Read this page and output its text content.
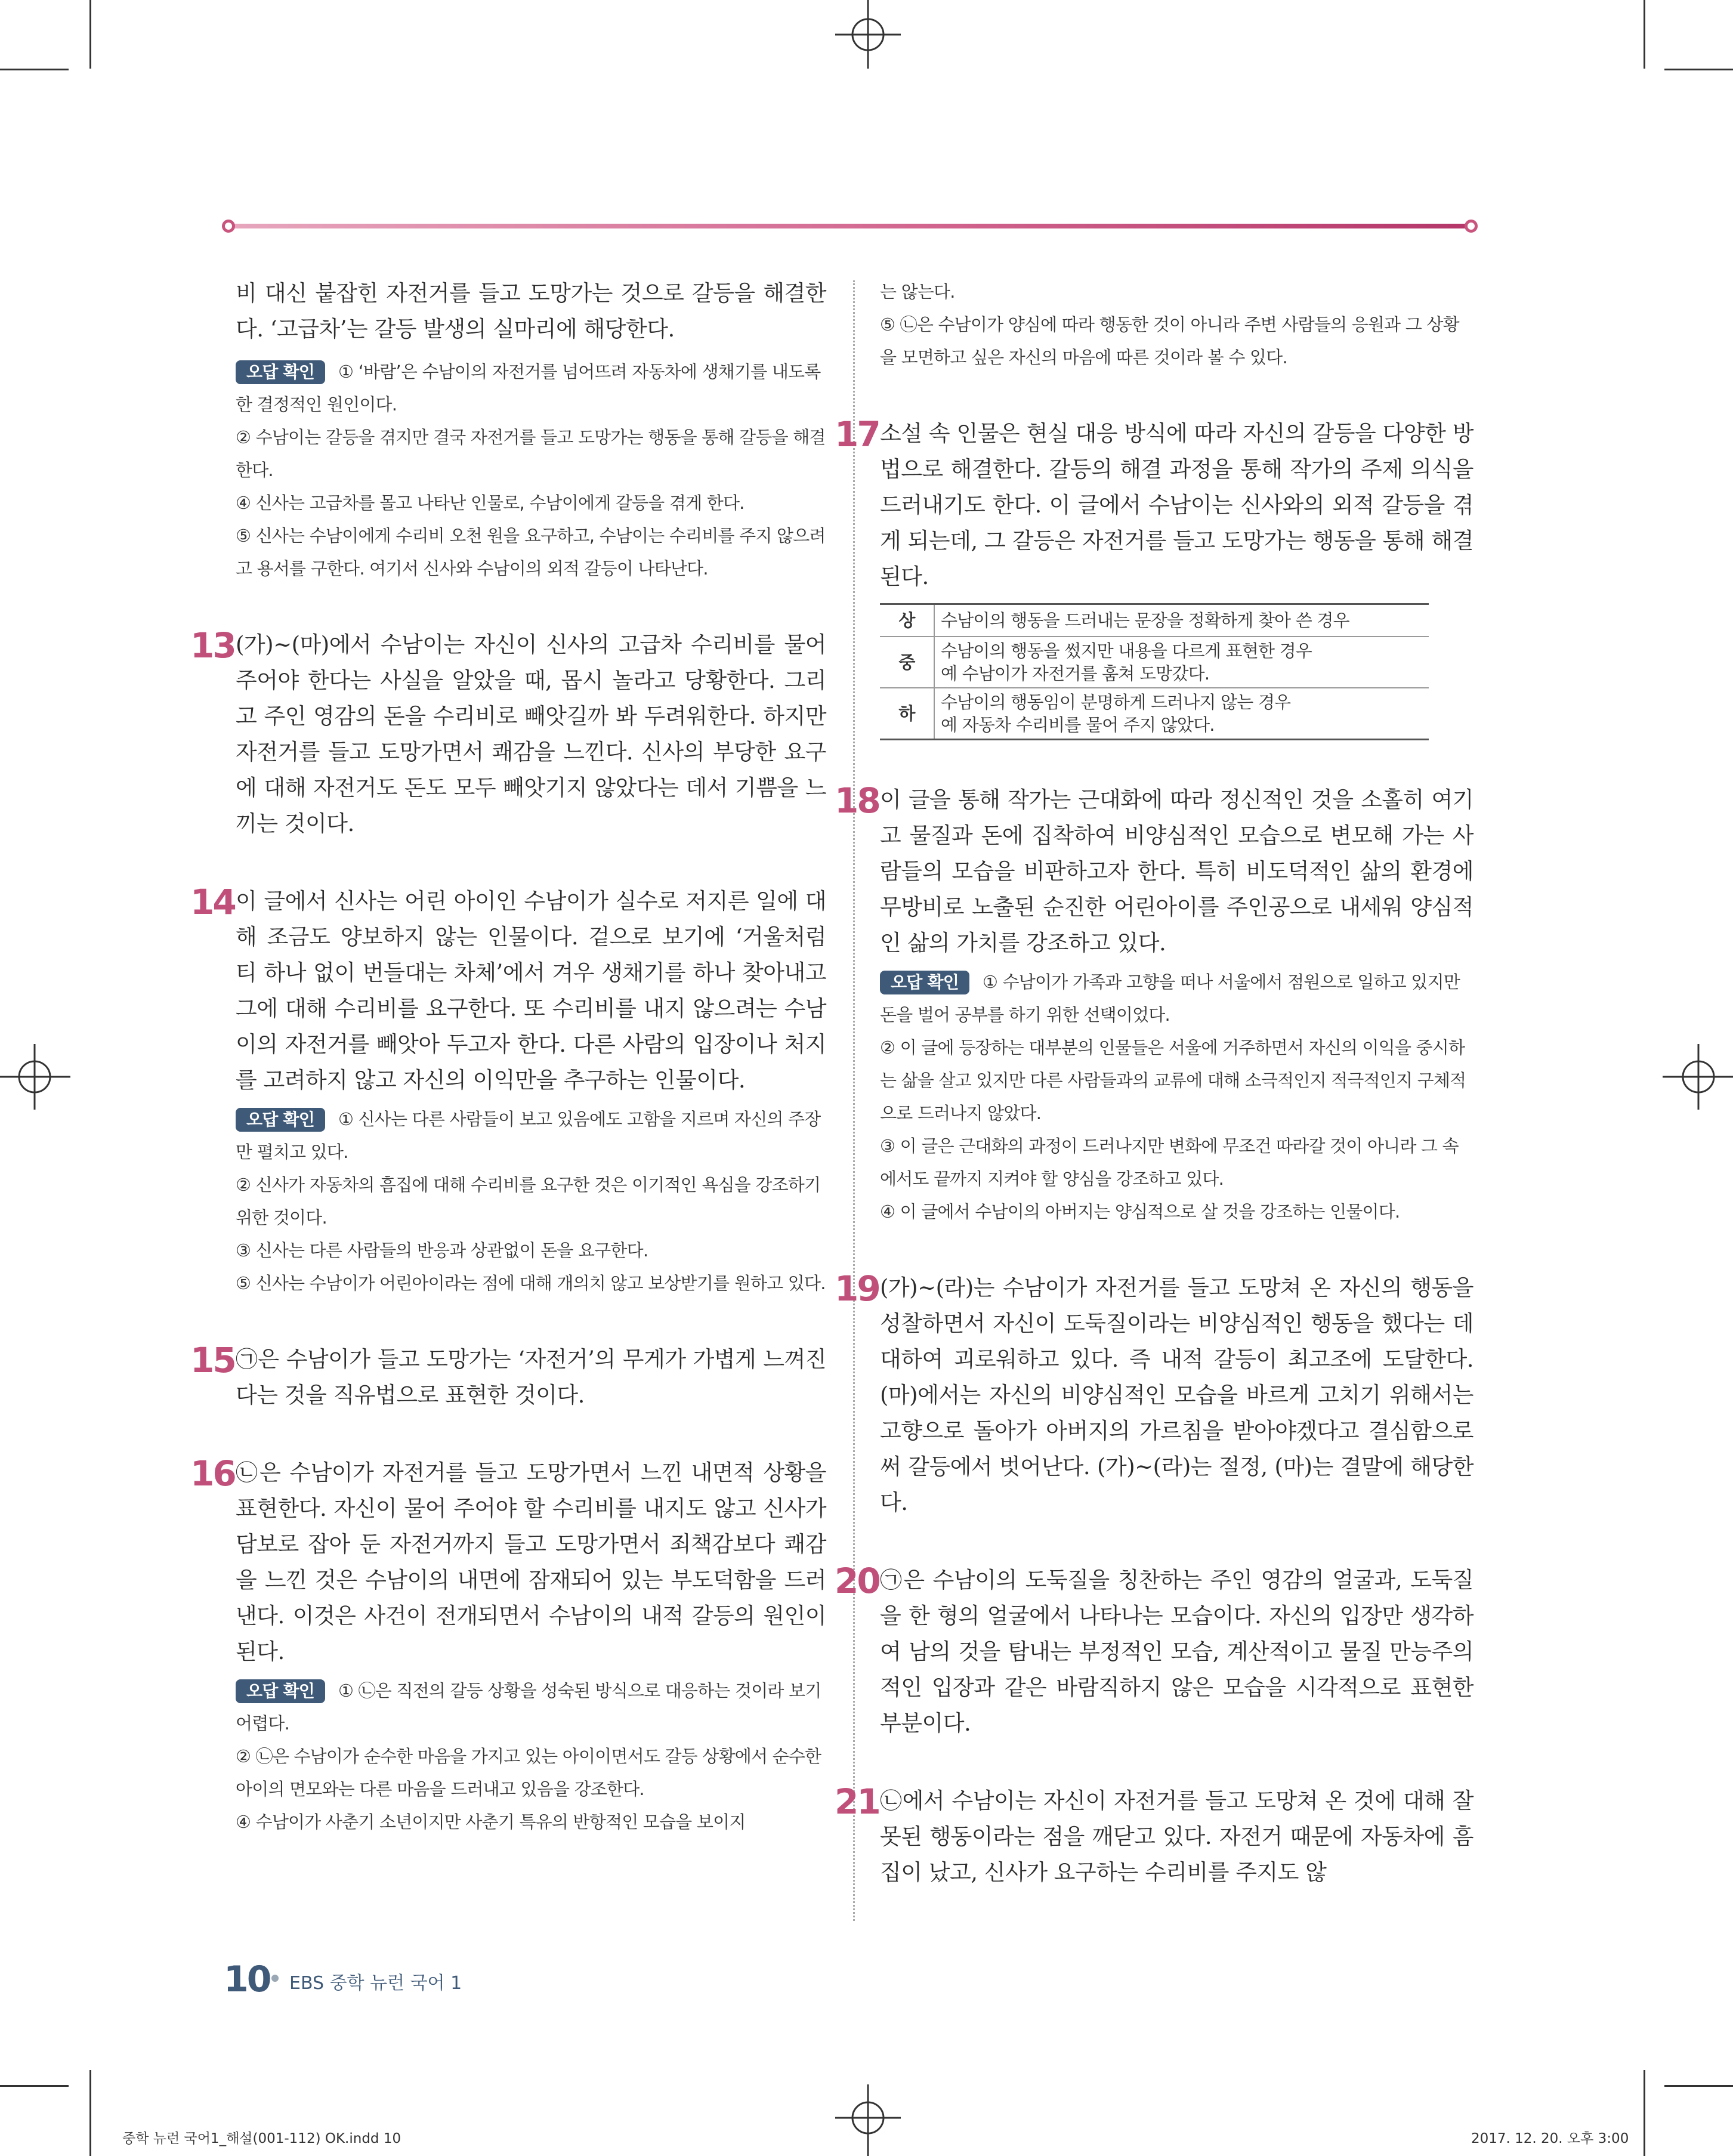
비 대신 붙잡힌 자전거를 들고 도망가는 것으로 갈등을 해결한다. ‘고급차’는 갈등 발생의 실마리에 해당한다.

오답 확인 ① ‘바람’은 수남이의 자전거를 넘어뜨려 자동차에 생채기를 내도록 한 결정적인 원인이다.

② 수남이는 갈등을 겪지만 결국 자전거를 들고 도망가는 행동을 통해 갈등을 해결한다.

④ 신사는 고급차를 몰고 나타난 인물로, 수남이에게 갈등을 겪게 한다.

⑤ 신사는 수남이에게 수리비 오천 원을 요구하고, 수남이는 수리비를 주지 않으려고 용서를 구한다. 여기서 신사와 수남이의 외적 갈등이 나타난다.

13 (가)~(마)에서 수남이는 자신이 신사의 고급차 수리비를 물어 주어야 한다는 사실을 알았을 때, 몹시 놀라고 당황한다. 그리고 주인 영감의 돈을 수리비로 빼앗길까 봐 두려워한다. 하지만 자전거를 들고 도망가면서 쾌감을 느낀다. 신사의 부당한 요구에 대해 자전거도 돈도 모두 빼앗기지 않았다는 데서 기쁨을 느끼는 것이다.

14 이 글에서 신사는 어린 아이인 수남이가 실수로 저지른 일에 대해 조금도 양보하지 않는 인물이다. 겉으로 보기에 ‘거울처럼 티 하나 없이 번들대는 차체’에서 겨우 생채기를 하나 찾아내고 그에 대해 수리비를 요구한다. 또 수리비를 내지 않으려는 수남이의 자전거를 빼앗아 두고자 한다. 다른 사람의 입장이나 처지를 고려하지 않고 자신의 이익만을 추구하는 인물이다.

오답 확인 ① 신사는 다른 사람들이 보고 있음에도 고함을 지르며 자신의 주장만 펼치고 있다.

② 신사가 자동차의 흠집에 대해 수리비를 요구한 것은 이기적인 욕심을 강조하기 위한 것이다.

③ 신사는 다른 사람들의 반응과 상관없이 돈을 요구한다.

⑤ 신사는 수남이가 어린아이라는 점에 대해 개의치 않고 보상받기를 원하고 있다.

15 ㉠은 수남이가 들고 도망가는 ‘자전거’의 무게가 가볍게 느껴진다는 것을 직유법으로 표현한 것이다.

16 ㉡은 수남이가 자전거를 들고 도망가면서 느낀 내면적 상황을 표현한다. 자신이 물어 주어야 할 수리비를 내지도 않고 신사가 담보로 잡아 둔 자전거까지 들고 도망가면서 죄책감보다 쾌감을 느낀 것은 수남이의 내면에 잠재되어 있는 부도덕함을 드러낸다. 이것은 사건이 전개되면서 수남이의 내적 갈등의 원인이 된다.

오답 확인 ① ㉡은 직전의 갈등 상황을 성숙된 방식으로 대응하는 것이라 보기 어렵다.

② ㉡은 수남이가 순수한 마음을 가지고 있는 아이이면서도 갈등 상황에서 순수한 아이의 면모와는 다른 마음을 드러내고 있음을 강조한다.

④ 수남이가 사춘기 소년이지만 사춘기 특유의 반항적인 모습을 보이지

는 않는다.

⑤ ㉡은 수남이가 양심에 따라 행동한 것이 아니라 주변 사람들의 응원과 그 상황을 모면하고 싶은 자신의 마음에 따른 것이라 볼 수 있다.

17 소설 속 인물은 현실 대응 방식에 따라 자신의 갈등을 다양한 방법으로 해결한다. 갈등의 해결 과정을 통해 작가의 주제 의식을 드러내기도 한다. 이 글에서 수남이는 신사와의 외적 갈등을 겪게 되는데, 그 갈등은 자전거를 들고 도망가는 행동을 통해 해결된다.

상	수남이의 행동을 드러내는 문장을 정확하게 찾아 쓴 경우
중	수남이의 행동을 썼지만 내용을 다르게 표현한 경우
예 수남이가 자전거를 훔쳐 도망갔다.

하	수남이의 행동임이 분명하게 드러나지 않는 경우
예 자동차 수리비를 물어 주지 않았다.
18 이 글을 통해 작가는 근대화에 따라 정신적인 것을 소홀히 여기고 물질과 돈에 집착하여 비양심적인 모습으로 변모해 가는 사람들의 모습을 비판하고자 한다. 특히 비도덕적인 삶의 환경에 무방비로 노출된 순진한 어린아이를 주인공으로 내세워 양심적인 삶의 가치를 강조하고 있다.

오답 확인 ① 수남이가 가족과 고향을 떠나 서울에서 점원으로 일하고 있지만 돈을 벌어 공부를 하기 위한 선택이었다.

② 이 글에 등장하는 대부분의 인물들은 서울에 거주하면서 자신의 이익을 중시하는 삶을 살고 있지만 다른 사람들과의 교류에 대해 소극적인지 적극적인지 구체적으로 드러나지 않았다.

③ 이 글은 근대화의 과정이 드러나지만 변화에 무조건 따라갈 것이 아니라 그 속에서도 끝까지 지켜야 할 양심을 강조하고 있다.

④ 이 글에서 수남이의 아버지는 양심적으로 살 것을 강조하는 인물이다.

19 (가)~(라)는 수남이가 자전거를 들고 도망쳐 온 자신의 행동을 성찰하면서 자신이 도둑질이라는 비양심적인 행동을 했다는 데 대하여 괴로워하고 있다. 즉 내적 갈등이 최고조에 도달한다. (마)에서는 자신의 비양심적인 모습을 바르게 고치기 위해서는 고향으로 돌아가 아버지의 가르침을 받아야겠다고 결심함으로써 갈등에서 벗어난다. (가)~(라)는 절정, (마)는 결말에 해당한다.

20 ㉠은 수남이의 도둑질을 칭찬하는 주인 영감의 얼굴과, 도둑질을 한 형의 얼굴에서 나타나는 모습이다. 자신의 입장만 생각하여 남의 것을 탐내는 부정적인 모습, 계산적이고 물질 만능주의적인 입장과 같은 바람직하지 않은 모습을 시각적으로 표현한 부분이다.

21 ㉡에서 수남이는 자신이 자전거를 들고 도망쳐 온 것에 대해 잘못된 행동이라는 점을 깨닫고 있다. 자전거 때문에 자동차에 흠집이 났고, 신사가 요구하는 수리비를 주지도 않

10 EBS 중학 뉴런 국어 1
중학 뉴런 국어1_해설(001-112) OK.indd 10	2017. 12. 20. 오후 3:00
